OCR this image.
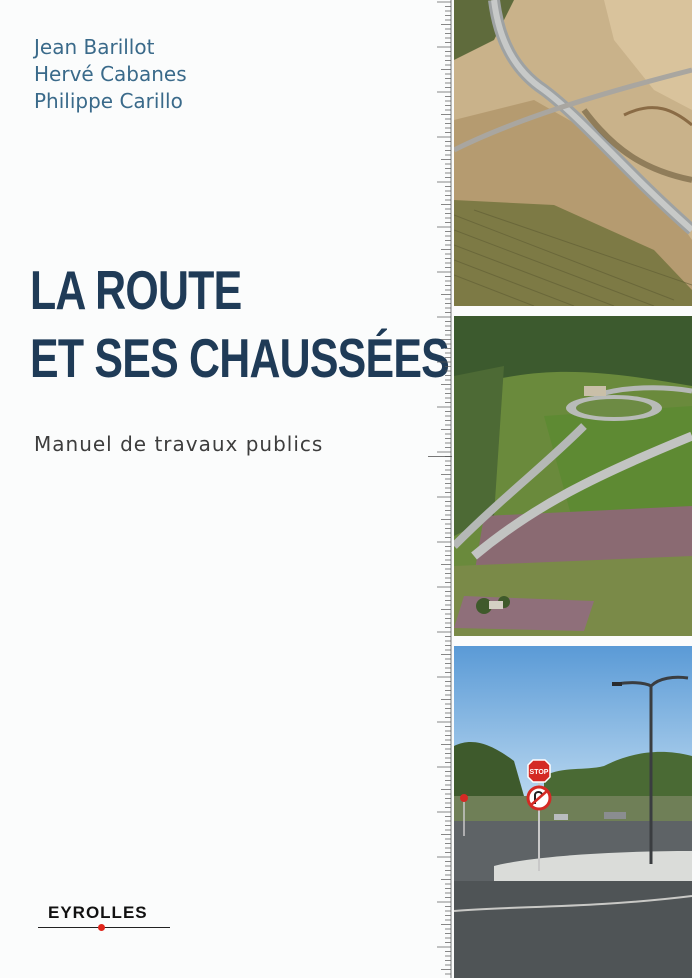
Jean Barillot
Hervé Cabanes
Philippe Carillo
LA ROUTE
ET SES CHAUSSÉES
Manuel de travaux publics
EYROLLES
STOP
